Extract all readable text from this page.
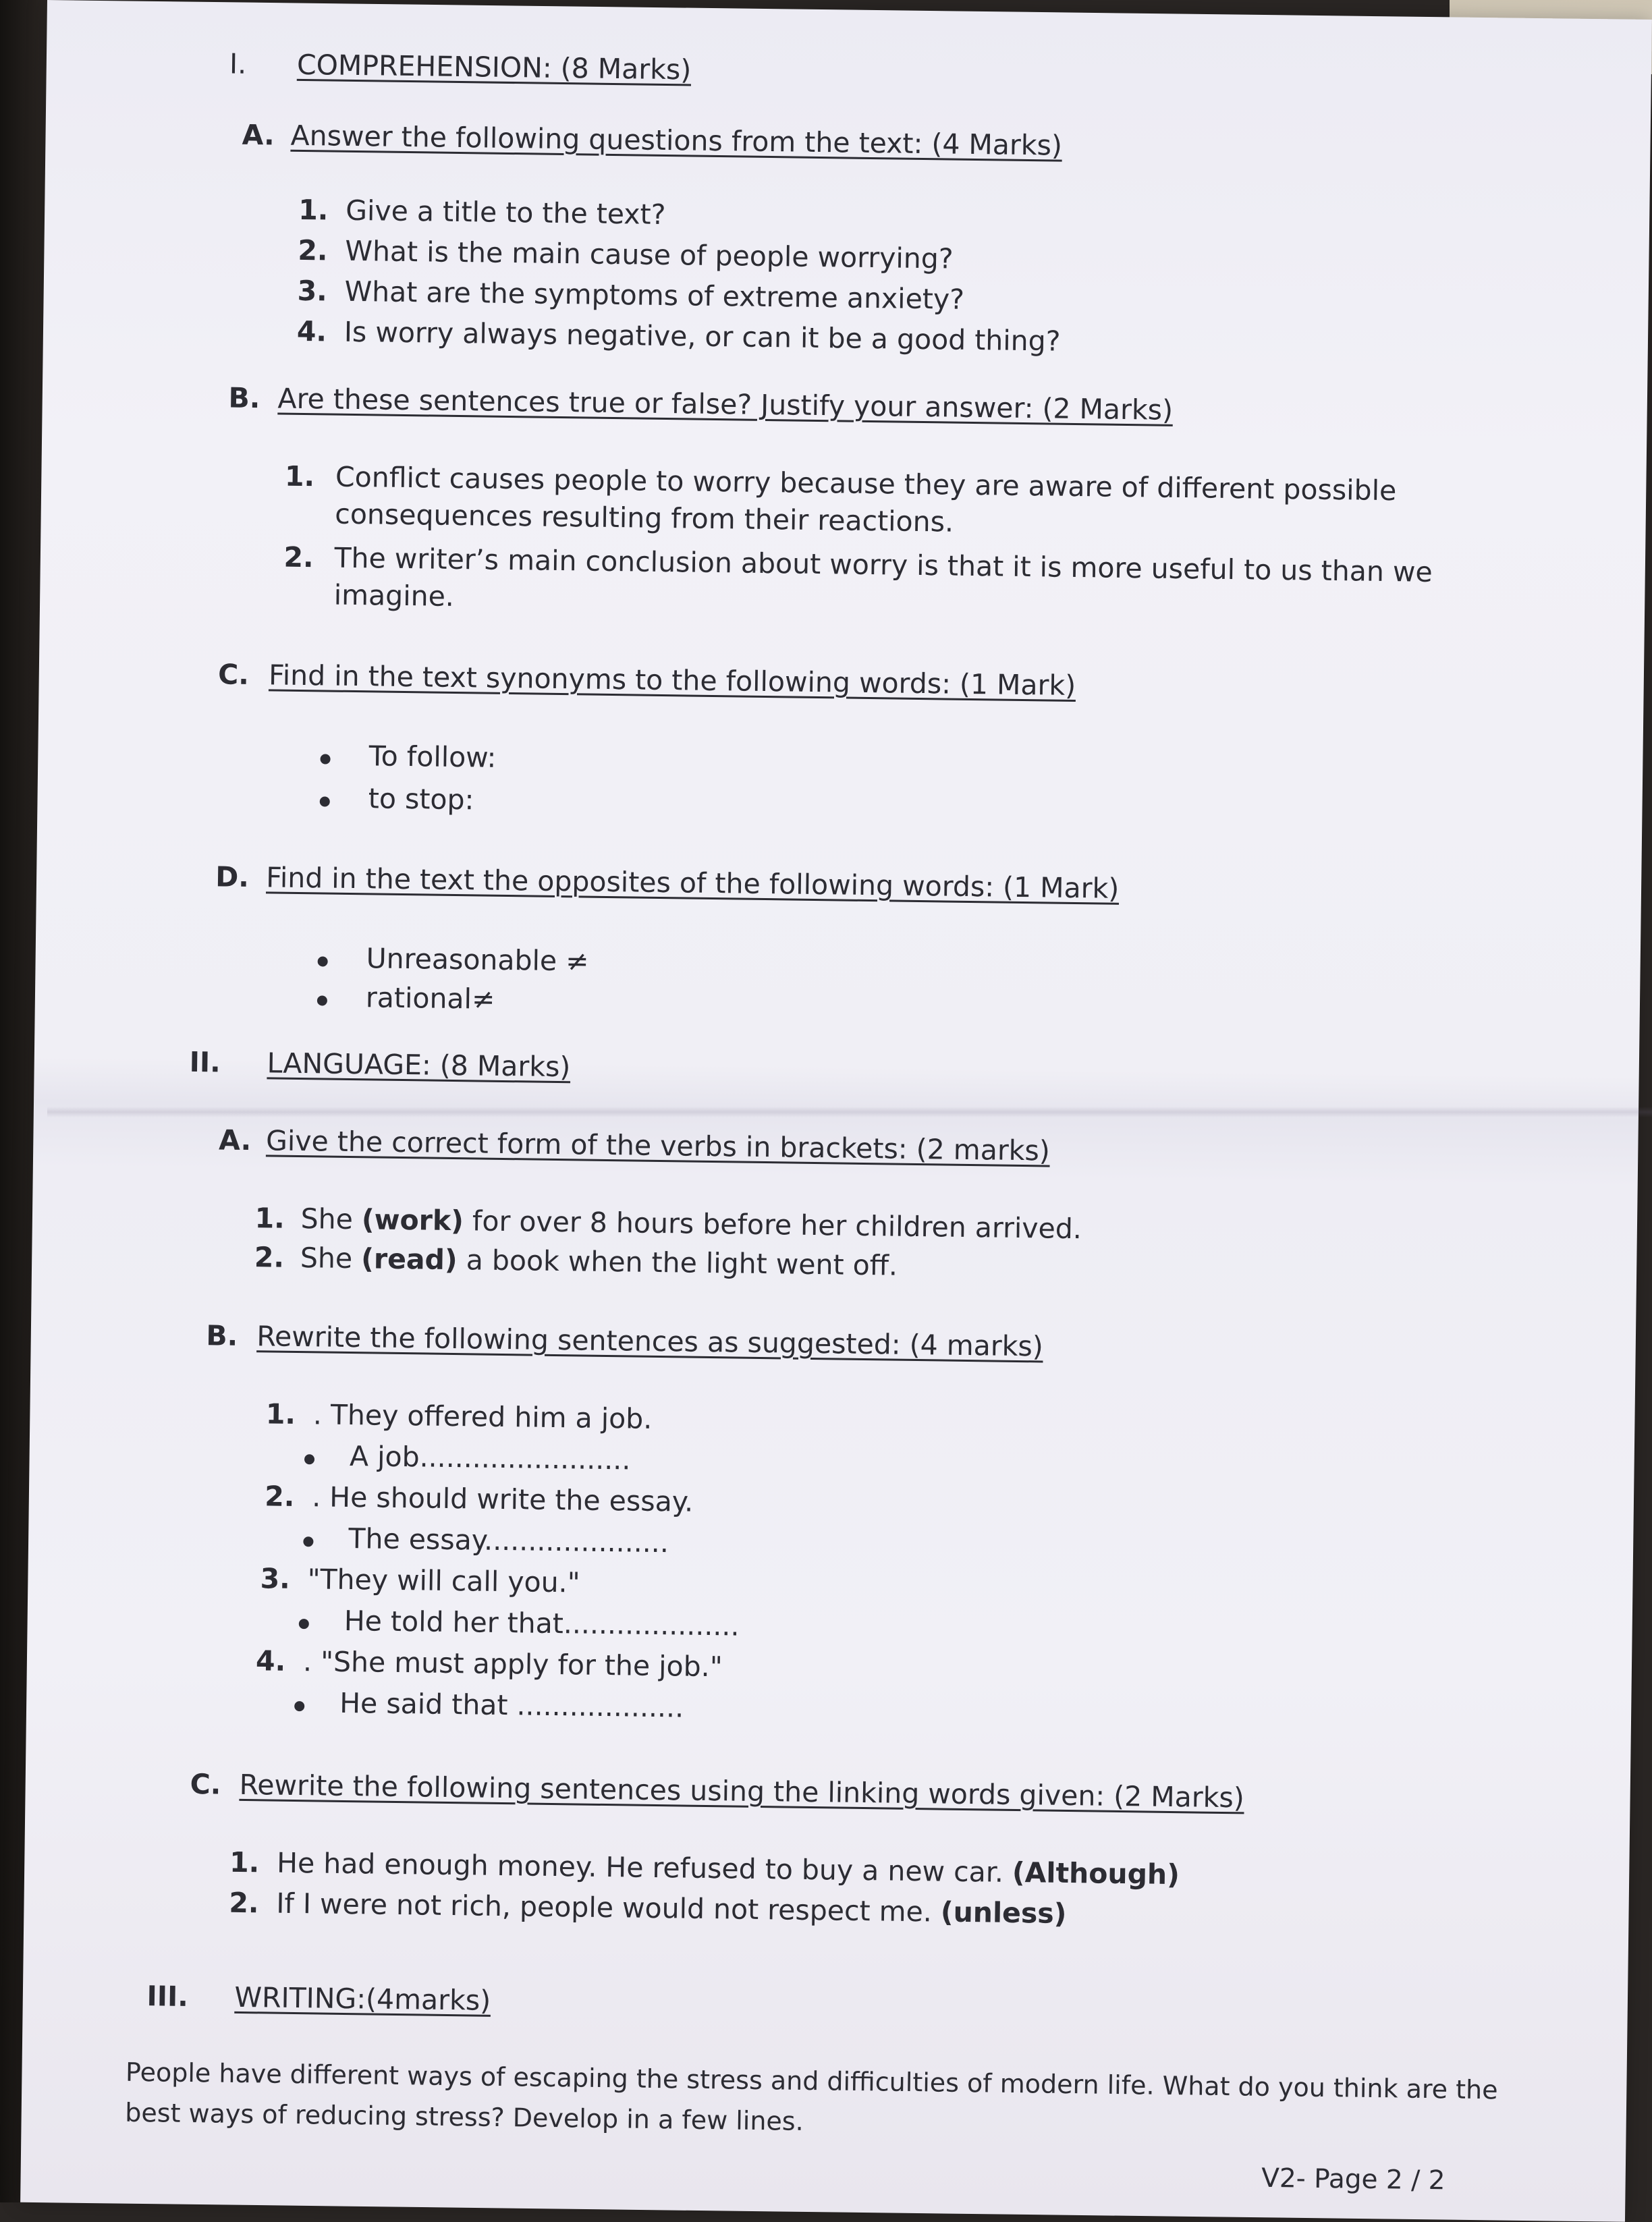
I. COMPREHENSION: (8 Marks)
A. Answer the following questions from the text: (4 Marks)
1. Give a title to the text?
2. What is the main cause of people worrying?
3. What are the symptoms of extreme anxiety?
4. Is worry always negative, or can it be a good thing?
B. Are these sentences true or false? Justify your answer: (2 Marks)
1. Conflict causes people to worry because they are aware of different possible
consequences resulting from their reactions.
2. The writer’s main conclusion about worry is that it is more useful to us than we
imagine.
C. Find in the text synonyms to the following words: (1 Mark)
To follow:
to stop:
D. Find in the text the opposites of the following words: (1 Mark)
Unreasonable ≠
rational≠
II. LANGUAGE: (8 Marks)
A. Give the correct form of the verbs in brackets: (2 marks)
1. She (work) for over 8 hours before her children arrived.
2. She (read) a book when the light went off.
B. Rewrite the following sentences as suggested: (4 marks)
1. . They offered him a job.
A job........................
2. . He should write the essay.
The essay.....................
3. "They will call you."
He told her that....................
4. . "She must apply for the job."
He said that ...................
C. Rewrite the following sentences using the linking words given: (2 Marks)
1. He had enough money. He refused to buy a new car. (Although)
2. If I were not rich, people would not respect me. (unless)
III. WRITING:(4marks)
People have different ways of escaping the stress and difficulties of modern life. What do you think are the
best ways of reducing stress? Develop in a few lines.
V2- Page 2 / 2
